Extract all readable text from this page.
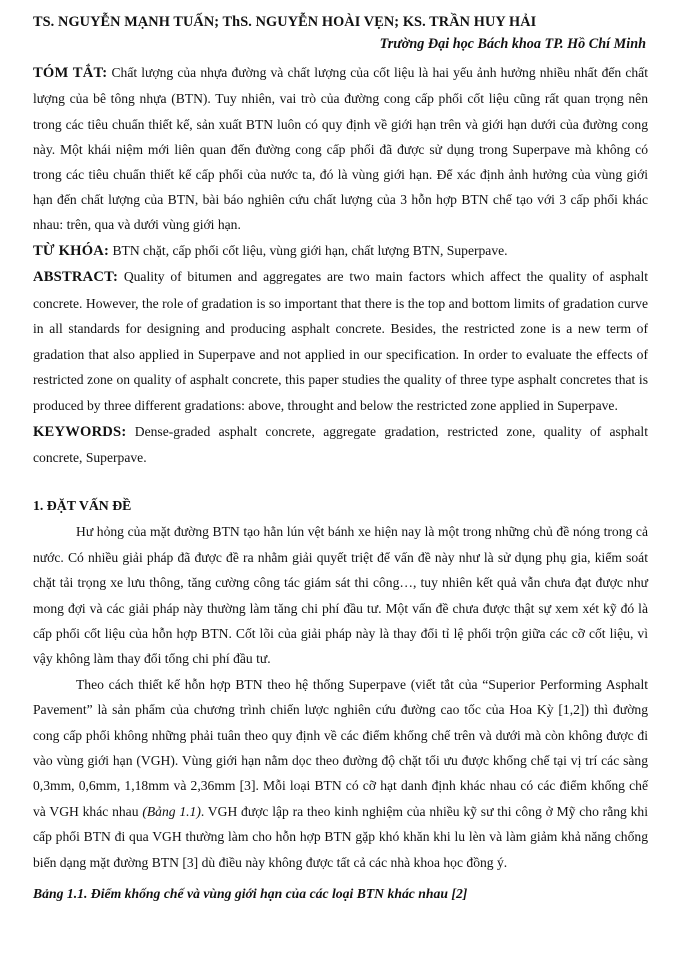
TS. NGUYỄN MẠNH TUẤN; ThS. NGUYỄN HOÀI VẸN; KS. TRẦN HUY HẢI
Trường Đại học Bách khoa TP. Hồ Chí Minh

TÓM TẮT: Chất lượng của nhựa đường và chất lượng của cốt liệu là hai yếu ảnh hưởng nhiều nhất đến chất lượng của bê tông nhựa (BTN). Tuy nhiên, vai trò của đường cong cấp phối cốt liệu cũng rất quan trọng nên trong các tiêu chuẩn thiết kế, sản xuất BTN luôn có quy định về giới hạn trên và giới hạn dưới của đường cong này. Một khái niệm mới liên quan đến đường cong cấp phối đã được sử dụng trong Superpave mà không có trong các tiêu chuẩn thiết kế cấp phối của nước ta, đó là vùng giới hạn. Để xác định ảnh hưởng của vùng giới hạn đến chất lượng của BTN, bài báo nghiên cứu chất lượng của 3 hỗn hợp BTN chế tạo với 3 cấp phối khác nhau: trên, qua và dưới vùng giới hạn.

TỪ KHÓA: BTN chặt, cấp phối cốt liệu, vùng giới hạn, chất lượng BTN, Superpave.

ABSTRACT: Quality of bitumen and aggregates are two main factors which affect the quality of asphalt concrete. However, the role of gradation is so important that there is the top and bottom limits of gradation curve in all standards for designing and producing asphalt concrete. Besides, the restricted zone is a new term of gradation that also applied in Superpave and not applied in our specification. In order to evaluate the effects of restricted zone on quality of asphalt concrete, this paper studies the quality of three type asphalt concretes that is produced by three different gradations: above, throught and below the restricted zone applied in Superpave.

KEYWORDS: Dense-graded asphalt concrete, aggregate gradation, restricted zone, quality of asphalt concrete, Superpave.

1. ĐẶT VẤN ĐỀ

Hư hỏng của mặt đường BTN tạo hằn lún vệt bánh xe hiện nay là một trong những chủ đề nóng trong cả nước. Có nhiều giải pháp đã được đề ra nhằm giải quyết triệt để vấn đề này như là sử dụng phụ gia, kiểm soát chặt tải trọng xe lưu thông, tăng cường công tác giám sát thi công…, tuy nhiên kết quả vẫn chưa đạt được như mong đợi và các giải pháp này thường làm tăng chi phí đầu tư. Một vấn đề chưa được thật sự xem xét kỹ đó là cấp phối cốt liệu của hỗn hợp BTN. Cốt lõi của giải pháp này là thay đổi tỉ lệ phối trộn giữa các cỡ cốt liệu, vì vậy không làm thay đổi tổng chi phí đầu tư.

Theo cách thiết kế hỗn hợp BTN theo hệ thống Superpave (viết tắt của “Superior Performing Asphalt Pavement” là sản phẩm của chương trình chiến lược nghiên cứu đường cao tốc của Hoa Kỳ [1,2]) thì đường cong cấp phối không những phải tuân theo quy định về các điểm khống chế trên và dưới mà còn không được đi vào vùng giới hạn (VGH). Vùng giới hạn nằm dọc theo đường độ chặt tối ưu được khống chế tại vị trí các sàng 0,3mm, 0,6mm, 1,18mm và 2,36mm [3]. Mỗi loại BTN có cỡ hạt danh định khác nhau có các điểm khống chế và VGH khác nhau (Bảng 1.1). VGH được lập ra theo kinh nghiệm của nhiều kỹ sư thi công ở Mỹ cho rằng khi cấp phối BTN đi qua VGH thường làm cho hỗn hợp BTN gặp khó khăn khi lu lèn và làm giảm khả năng chống biến dạng mặt đường BTN [3] dù điều này không được tất cả các nhà khoa học đồng ý.

Bảng 1.1. Điểm khống chế và vùng giới hạn của các loại BTN khác nhau [2]
